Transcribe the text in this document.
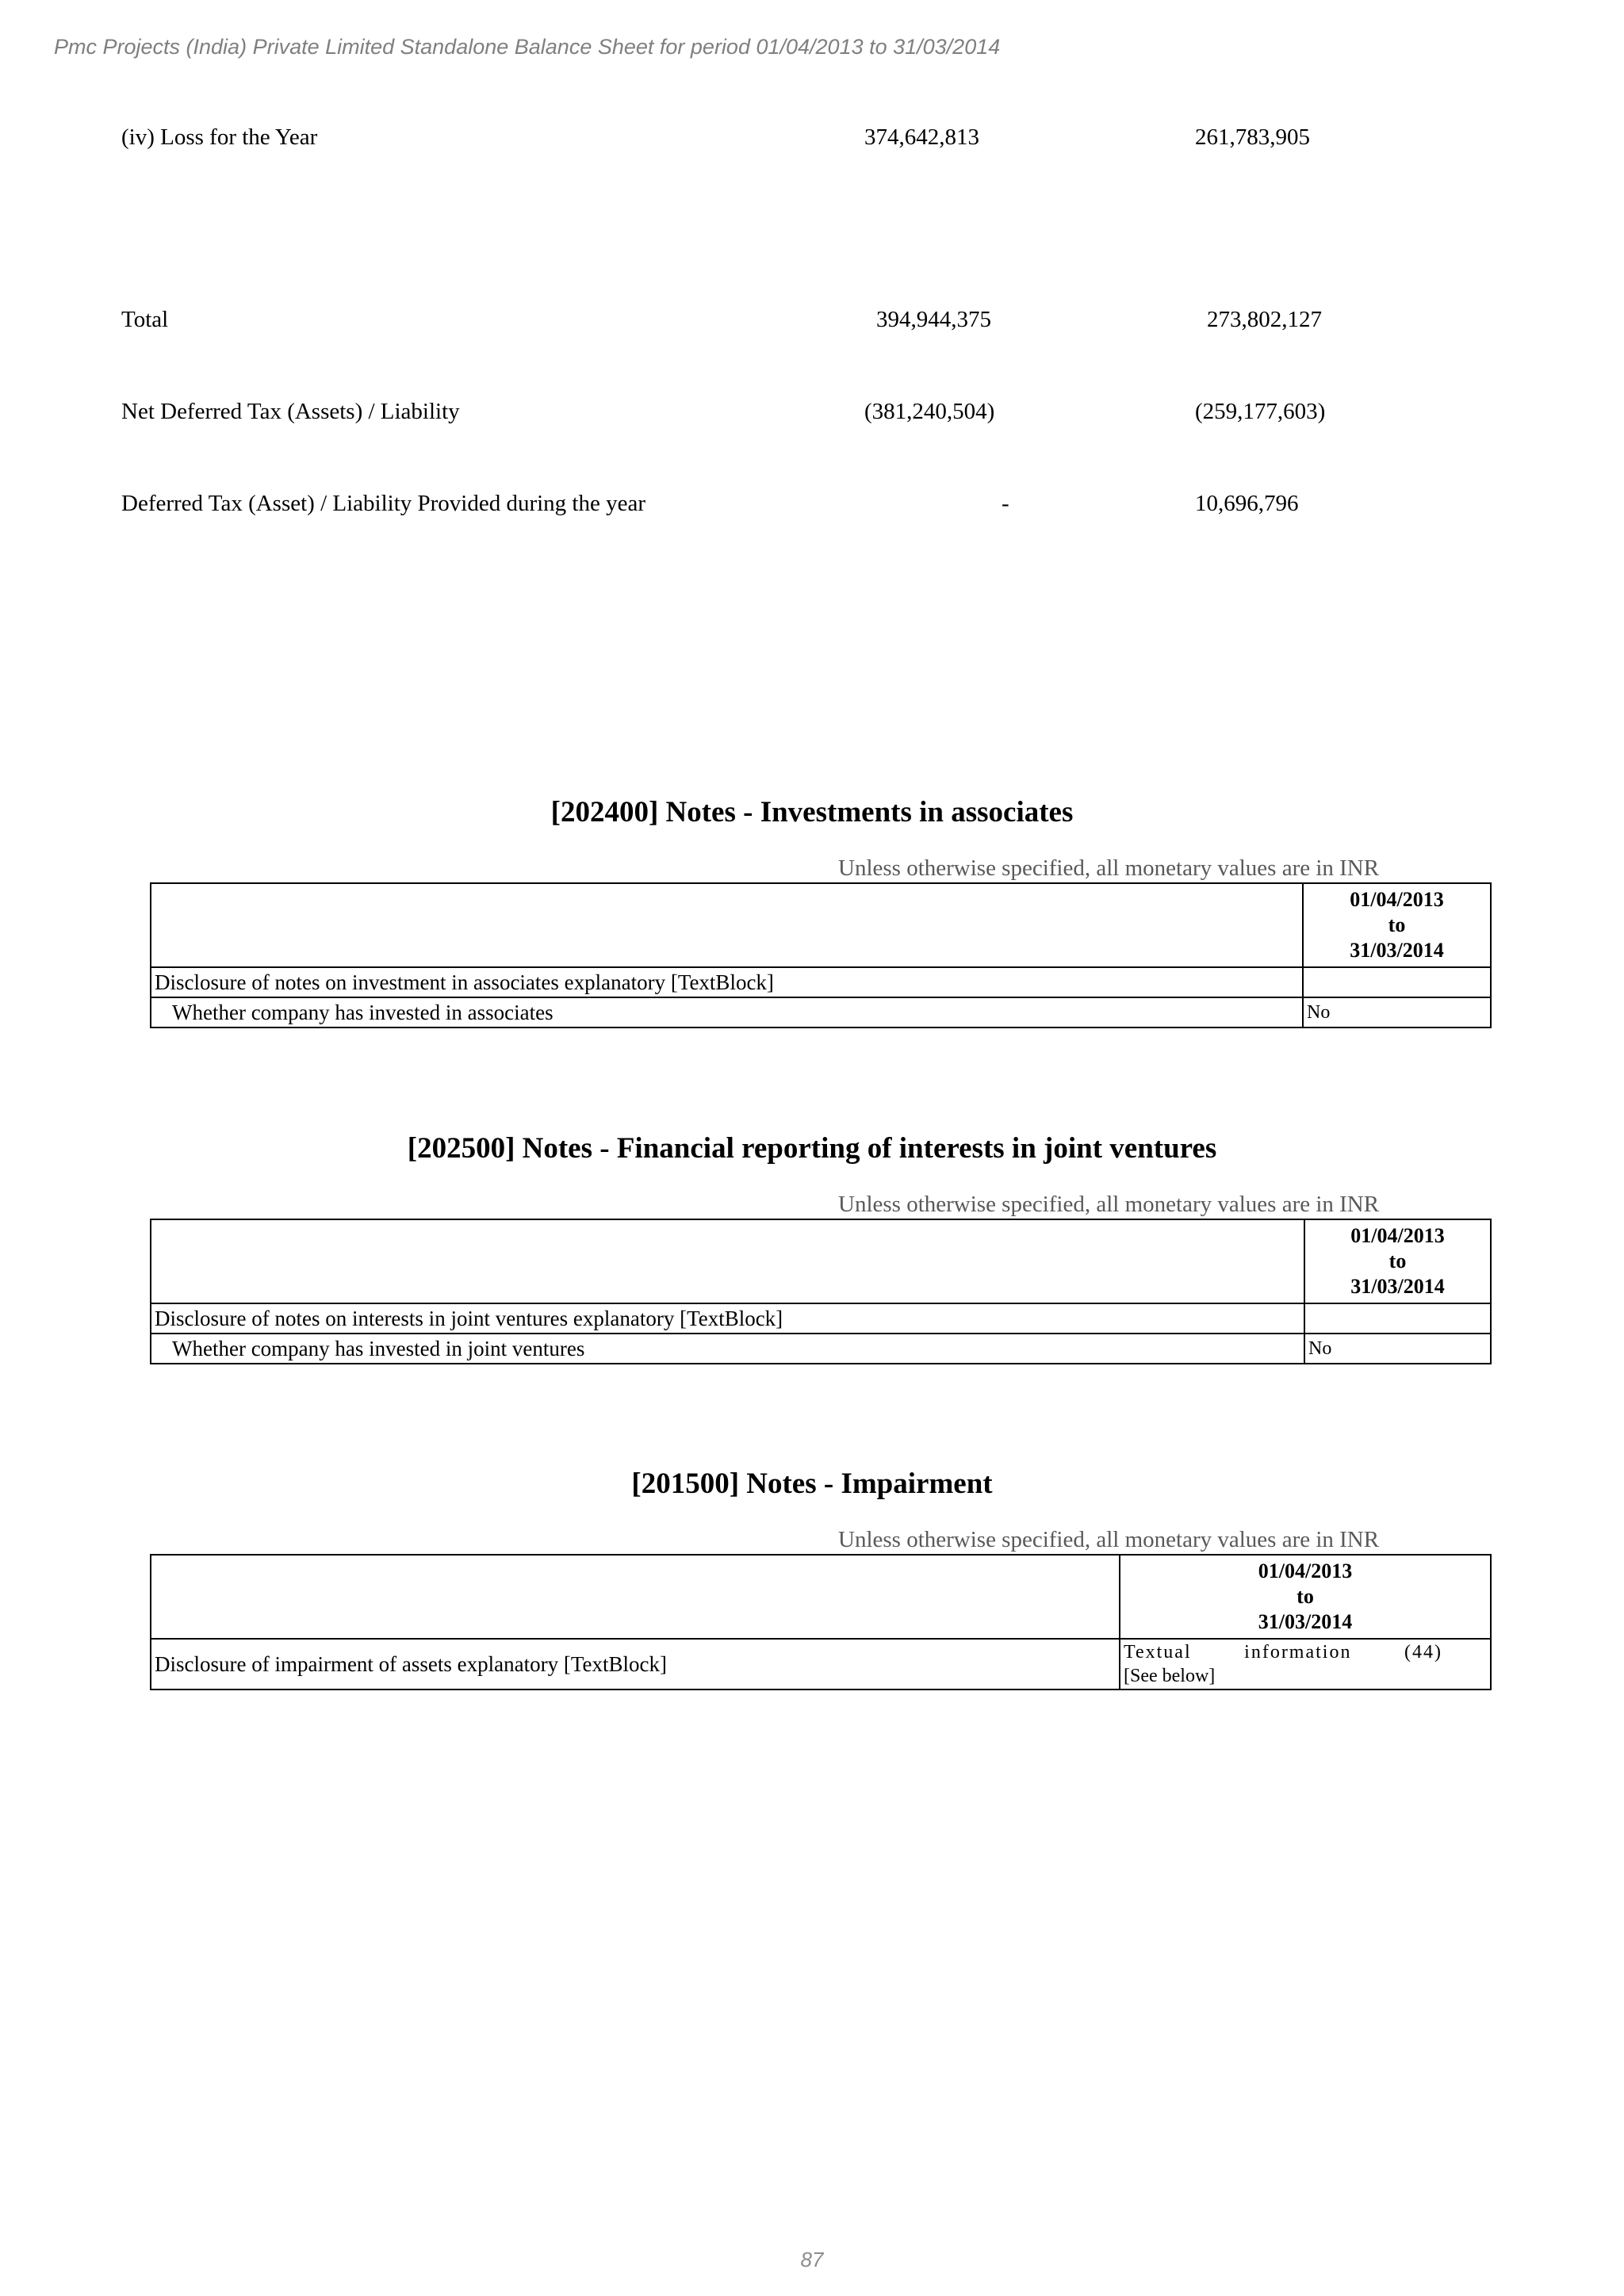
Pmc Projects (India) Private Limited Standalone Balance Sheet for period 01/04/2013 to 31/03/2014
(iv) Loss for the Year	374,642,813	261,783,905
Total	394,944,375	273,802,127
Net Deferred Tax (Assets) / Liability	(381,240,504)	(259,177,603)
Deferred Tax (Asset) / Liability Provided during the year	-	10,696,796
[202400] Notes - Investments in associates
Unless otherwise specified, all monetary values are in INR

	01/04/2013
to
31/03/2014

Disclosure of notes on investment in associates explanatory [TextBlock]	
Whether company has invested in associates	No
[202500] Notes - Financial reporting of interests in joint ventures
Unless otherwise specified, all monetary values are in INR

	01/04/2013
to
31/03/2014

Disclosure of notes on interests in joint ventures explanatory [TextBlock]	
Whether company has invested in joint ventures	No
[201500] Notes - Impairment
Unless otherwise specified, all monetary values are in INR

	01/04/2013
to
31/03/2014

Disclosure of impairment of assets explanatory [TextBlock]	Textual information (44)
[See below]
87
